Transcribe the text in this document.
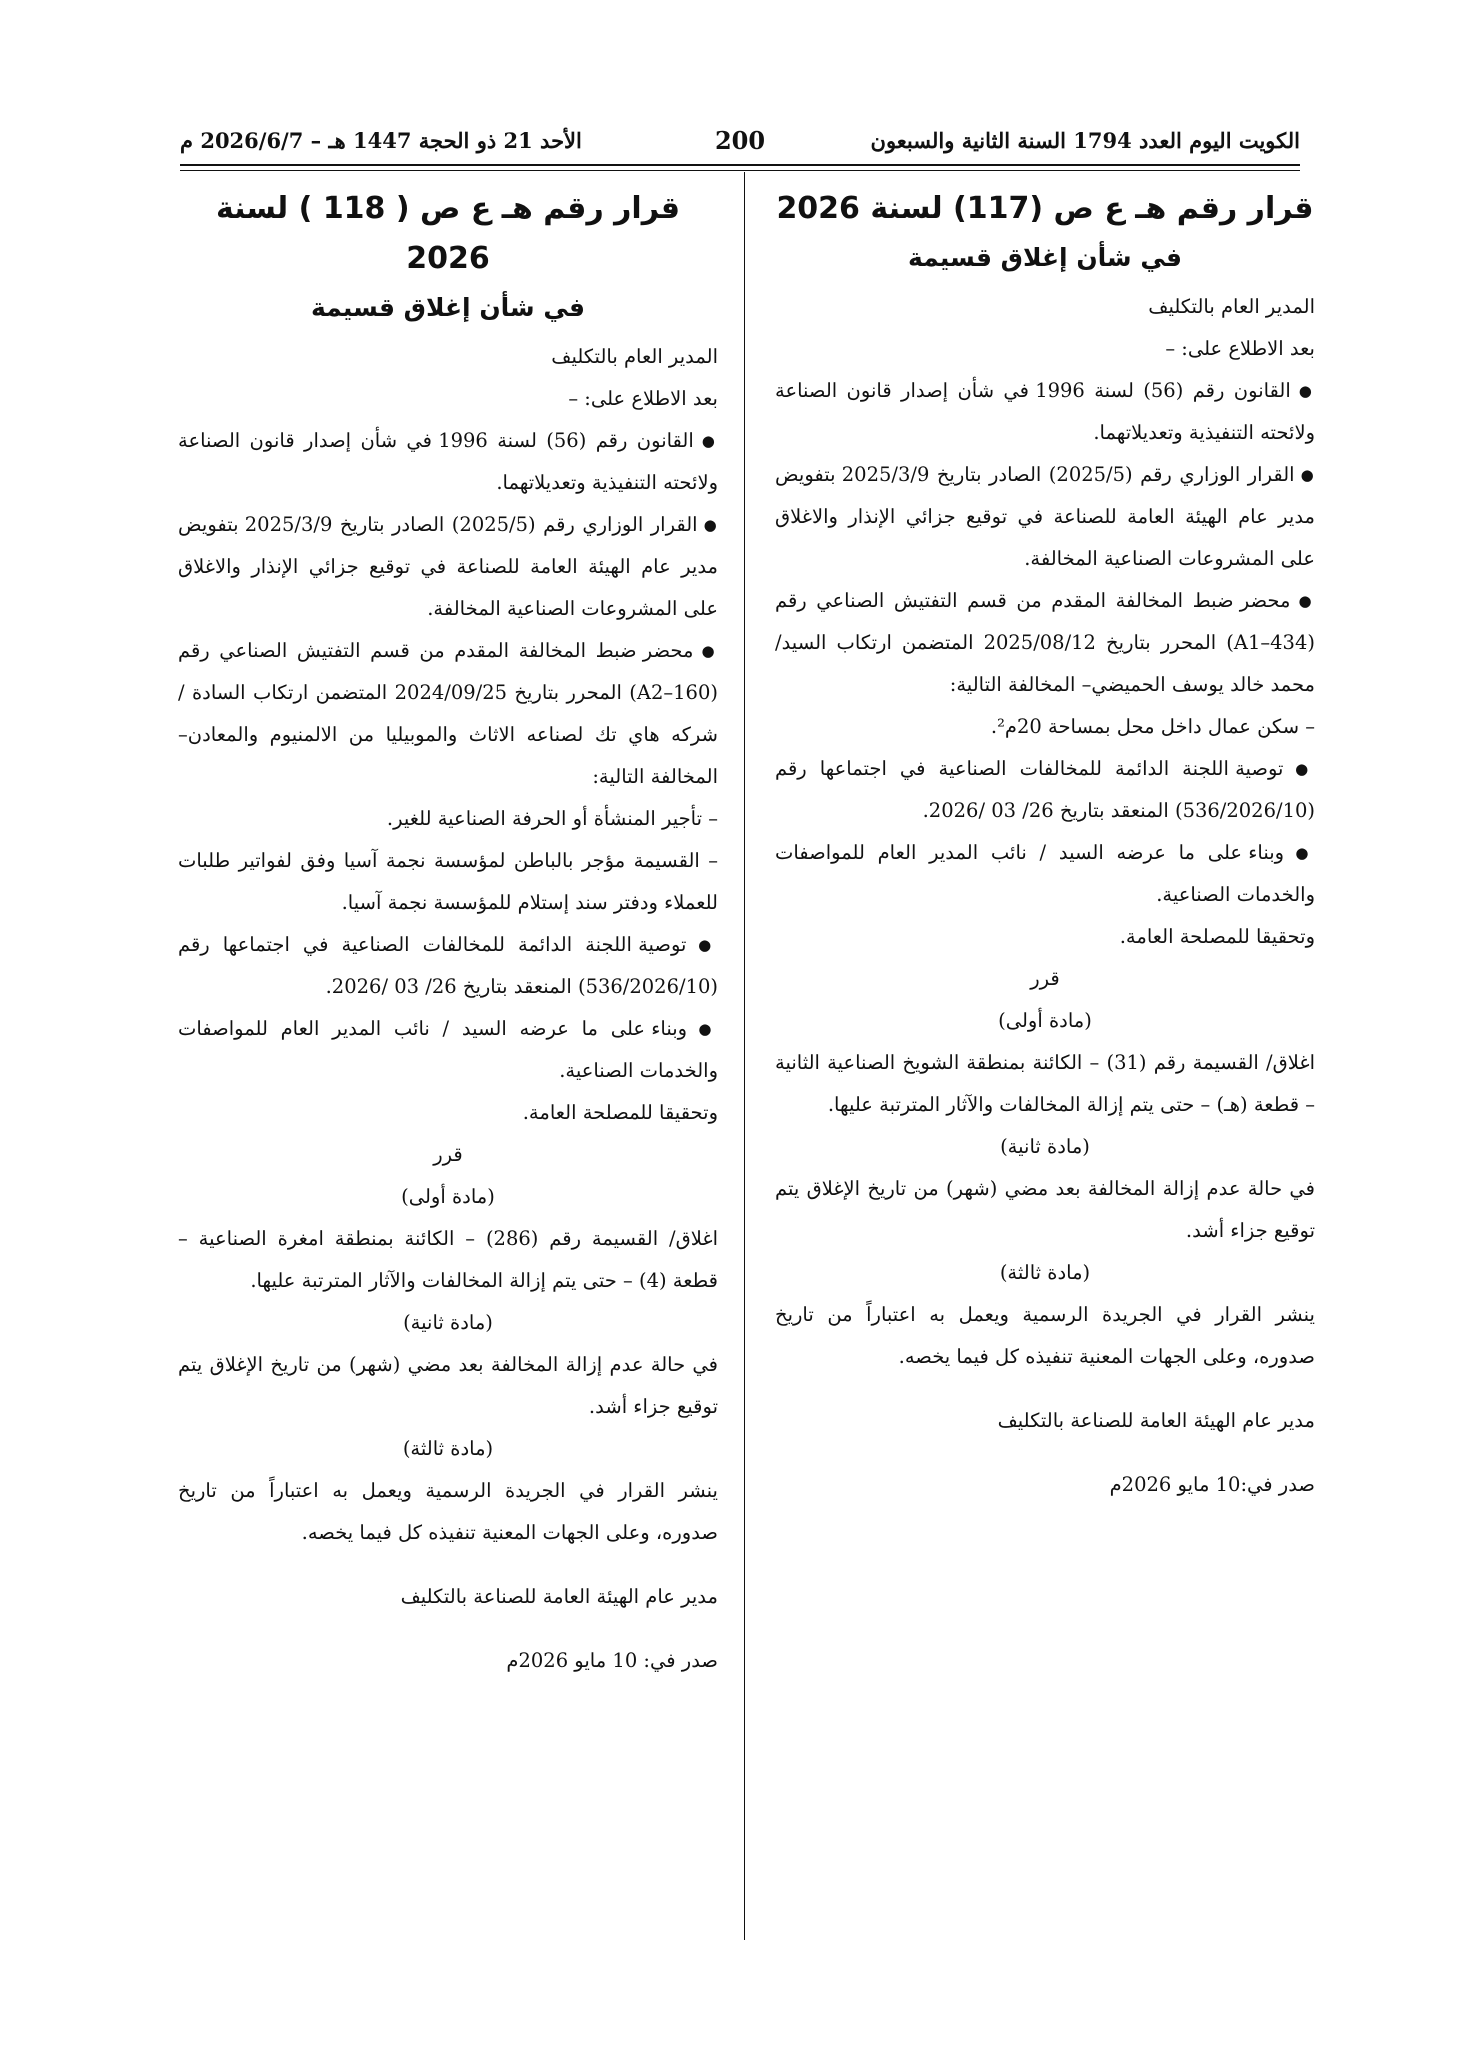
الكويت اليوم العدد 1794 السنة الثانية والسبعون
200
الأحد 21 ذو الحجة 1447 هـ – 2026/6/7 م

قرار رقم هـ ع ص (117) لسنة 2026

في شأن إغلاق قسيمة

المدير العام بالتكليف

بعد الاطلاع على: –

● القانون رقم (56) لسنة 1996 في شأن إصدار قانون الصناعة ولائحته التنفيذية وتعديلاتهما.

● القرار الوزاري رقم (2025/5) الصادر بتاريخ 2025/3/9 بتفويض مدير عام الهيئة العامة للصناعة في توقيع جزائي الإنذار والاغلاق على المشروعات الصناعية المخالفة.

● محضر ضبط المخالفة المقدم من قسم التفتيش الصناعي رقم (A1–434) المحرر بتاريخ 2025/08/12 المتضمن ارتكاب السيد/ محمد خالد يوسف الحميضي– المخالفة التالية:

– سكن عمال داخل محل بمساحة 20م².

● توصية اللجنة الدائمة للمخالفات الصناعية في اجتماعها رقم (536/2026/10) المنعقد بتاريخ 26/ 03 /2026.

● وبناء على ما عرضه السيد / نائب المدير العام للمواصفات والخدمات الصناعية.

وتحقيقا للمصلحة العامة.

قرر

(مادة أولى)

اغلاق/ القسيمة رقم (31) – الكائنة بمنطقة الشويخ الصناعية الثانية – قطعة (هـ) – حتى يتم إزالة المخالفات والآثار المترتبة عليها.

(مادة ثانية)

في حالة عدم إزالة المخالفة بعد مضي (شهر) من تاريخ الإغلاق يتم توقيع جزاء أشد.

(مادة ثالثة)

ينشر القرار في الجريدة الرسمية ويعمل به اعتباراً من تاريخ صدوره، وعلى الجهات المعنية تنفيذه كل فيما يخصه.

مدير عام الهيئة العامة للصناعة بالتكليف

صدر في:10 مايو 2026م

قرار رقم هـ ع ص ( 118 ) لسنة 2026

في شأن إغلاق قسيمة

المدير العام بالتكليف

بعد الاطلاع على: –

● القانون رقم (56) لسنة 1996 في شأن إصدار قانون الصناعة ولائحته التنفيذية وتعديلاتهما.

● القرار الوزاري رقم (2025/5) الصادر بتاريخ 2025/3/9 بتفويض مدير عام الهيئة العامة للصناعة في توقيع جزائي الإنذار والاغلاق على المشروعات الصناعية المخالفة.

● محضر ضبط المخالفة المقدم من قسم التفتيش الصناعي رقم (A2–160) المحرر بتاريخ 2024/09/25 المتضمن ارتكاب السادة / شركه هاي تك لصناعه الاثاث والموبيليا من الالمنيوم والمعادن– المخالفة التالية:

– تأجير المنشأة أو الحرفة الصناعية للغير.

– القسيمة مؤجر بالباطن لمؤسسة نجمة آسيا وفق لفواتير طلبات للعملاء ودفتر سند إستلام للمؤسسة نجمة آسيا.

● توصية اللجنة الدائمة للمخالفات الصناعية في اجتماعها رقم (536/2026/10) المنعقد بتاريخ 26/ 03 /2026.

● وبناء على ما عرضه السيد / نائب المدير العام للمواصفات والخدمات الصناعية.

وتحقيقا للمصلحة العامة.

قرر

(مادة أولى)

اغلاق/ القسيمة رقم (286) – الكائنة بمنطقة امغرة الصناعية – قطعة (4) – حتى يتم إزالة المخالفات والآثار المترتبة عليها.

(مادة ثانية)

في حالة عدم إزالة المخالفة بعد مضي (شهر) من تاريخ الإغلاق يتم توقيع جزاء أشد.

(مادة ثالثة)

ينشر القرار في الجريدة الرسمية ويعمل به اعتباراً من تاريخ صدوره، وعلى الجهات المعنية تنفيذه كل فيما يخصه.

مدير عام الهيئة العامة للصناعة بالتكليف

صدر في: 10 مايو 2026م
